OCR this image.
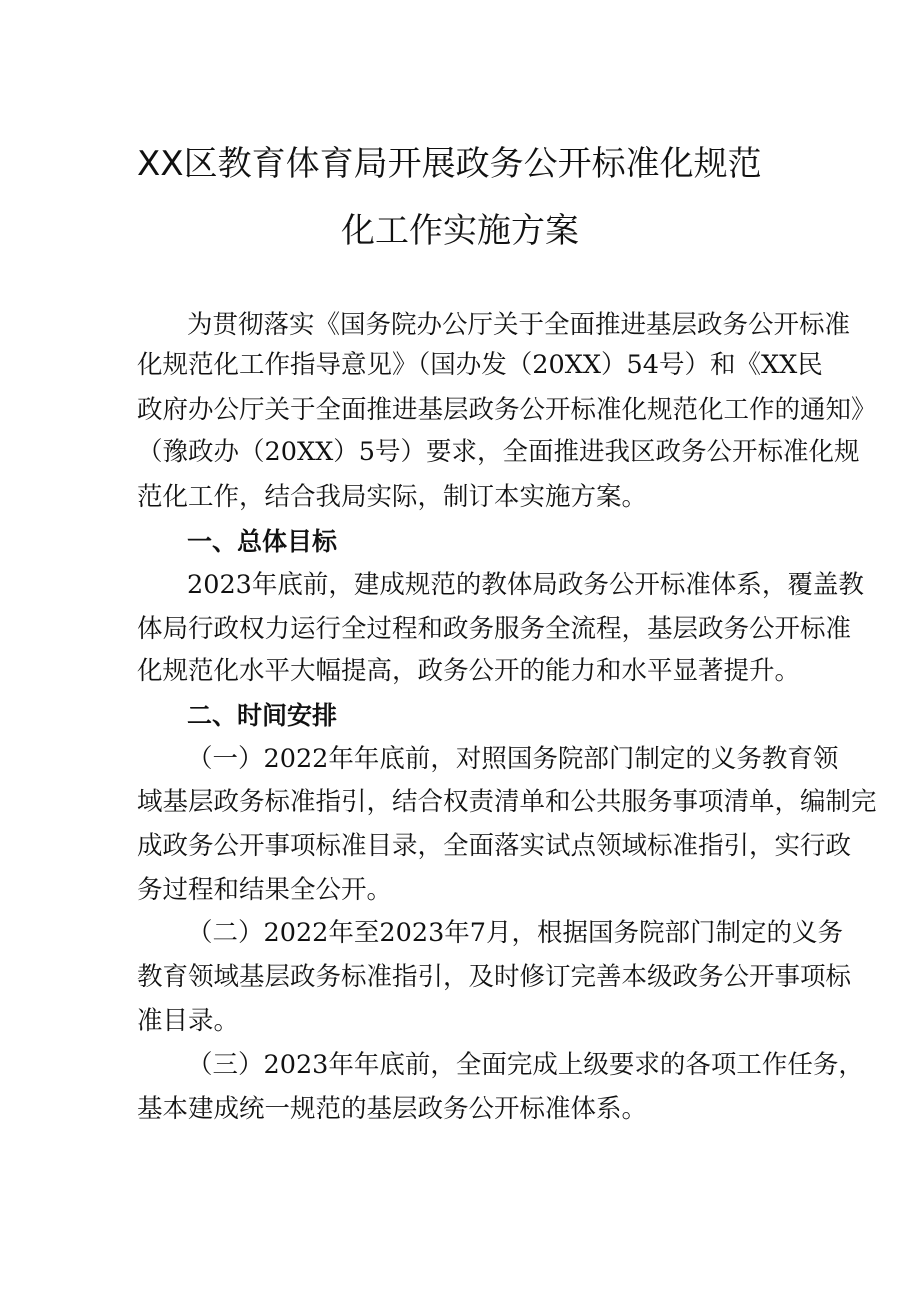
XX区教育体育局开展政务公开标准化规范
化工作实施方案
为贯彻落实《国务院办公厅关于全面推进基层政务公开标准
化规范化工作指导意见》（国办发（20XX）54号）和《XX民
政府办公厅关于全面推进基层政务公开标准化规范化工作的通知》
（豫政办（20XX）5号）要求，全面推进我区政务公开标准化规
范化工作，结合我局实际，制订本实施方案。
一、总体目标
2023年底前，建成规范的教体局政务公开标准体系，覆盖教
体局行政权力运行全过程和政务服务全流程，基层政务公开标准
化规范化水平大幅提高，政务公开的能力和水平显著提升。
二、时间安排
（一）2022年年底前，对照国务院部门制定的义务教育领
域基层政务标准指引，结合权责清单和公共服务事项清单，编制完
成政务公开事项标准目录，全面落实试点领域标准指引，实行政
务过程和结果全公开。
（二）2022年至2023年7月，根据国务院部门制定的义务
教育领域基层政务标准指引，及时修订完善本级政务公开事项标
准目录。
（三）2023年年底前，全面完成上级要求的各项工作任务，
基本建成统一规范的基层政务公开标准体系。
